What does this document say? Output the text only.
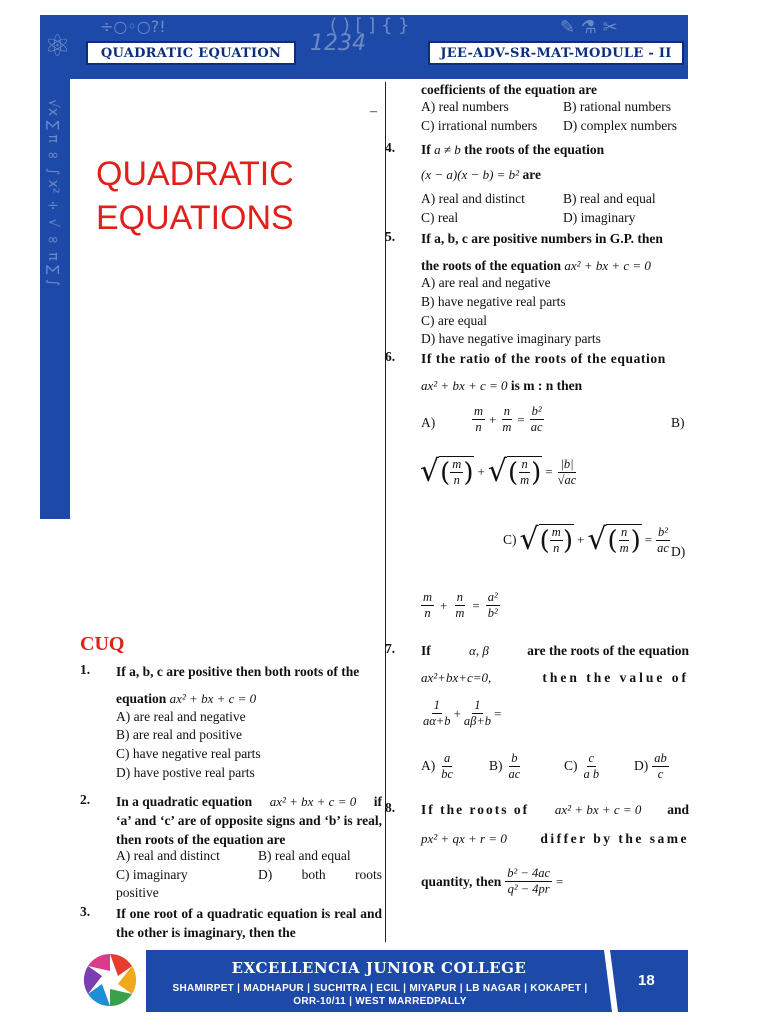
÷○◦○?!
1234
( ) [ ] { }	✎ ⚗ ✂
⚛
√x ∑ π ∞ ∫ x² ÷ √ ∞ π ∑ ∫
QUADRATIC EQUATION	JEE-ADV-SR-MAT-MODULE - II
–
QUADRATIC
EQUATIONS
CUQ
1. If a, b, c are positive then both roots of the
equation ax² + bx + c = 0
A) are real and negative
B) are real and positive
C) have negative real parts
D) have postive real parts
2. In a quadratic equation ax² + bx + c = 0 if
‘a’ and ‘c’ are of opposite signs and ‘b’ is real, then roots of the equation are
A) real and distinct	B) real and equal
C) imaginary	D) both roots
positive
3. If one root of a quadratic equation is real and the other is imaginary, then the
coefficients of the equation are
A) real numbers	B) rational numbers
C) irrational numbers D) complex numbers
4. If a ≠ b the roots of the equation
(x − a)(x − b) = b² are
A) real and distinct	B) real and equal
C) real	D) imaginary
5. If a, b, c are positive numbers in G.P. then
the roots of the equation ax² + bx + c = 0
A) are real and negative
B) have negative real parts
C) are equal
D) have negative imaginary parts
6. If the ratio of the roots of the equation
ax² + bx + c = 0 is m : n then
A)	$\frac{m}{n} + \frac{n}{m} = \frac{\text{b²}}{ac}$	B)
√ ( $\frac{m}{n}$ ) + √ ( $\frac{n}{m}$ ) = $\frac{|b|}{√ac}$
C) √ ( $\frac{m}{n}$ ) + √ ( $\frac{n}{m}$ ) = $\frac{\text{b²}}{ac} D$)
$\frac{m}{n} + \frac{n}{m} = \frac{\text{a²}}{\text{b²}}$
7. If	α, β	are the roots of the equation
ax²+bx+c=0,	then the value of
$\frac{1}{a\alpha+b} + \frac{1}{a\beta+b}$ =
$A) \frac{a}{bc}$	$B) \frac{b}{ac}$	$C) \frac{c}{\text{a b}} D) \frac{ab}{c}$
8. If the roots of ax² + bx + c = 0 and
px² + qx + r = 0 differ by the same
quantity, then $\frac{\text{b² − 4ac}}{\text{q² − 4pr}}$ =
EXCELLENCIA JUNIOR COLLEGE
SHAMIRPET | MADHAPUR | SUCHITRA | ECIL | MIYAPUR | LB NAGAR | KOKAPET | ORR-10/11 | WEST MARREDPALLY
18
